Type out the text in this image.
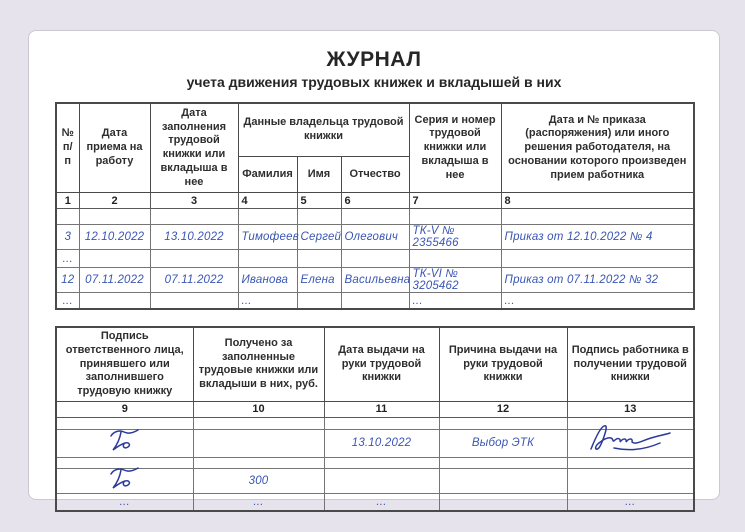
ЖУРНАЛ
учета движения трудовых книжек и вкладышей в них
№ п/п	Дата приема на работу	Дата заполнения трудовой книжки или вкладыша в нее	Данные владельца трудовой книжки			Серия и номер трудовой книжки или вкладыша в нее	Дата и № приказа (распоряжения) или иного решения работодателя, на основании которого произведен прием работника
			Фамилия	Имя	Отчество		
1	2	3	4	5	6	7	8

3	12.10.2022	13.10.2022	Тимофеев	Сергей	Олегович	ТК-V № 2355466	Приказ от 12.10.2022 № 4
...							
12	07.11.2022	07.11.2022	Иванова	Елена	Васильевна	ТК-VI № 3205462	Приказ от 07.11.2022 № 32
...			...			...	...
Подпись ответственного лица, принявшего или заполнившего трудовую книжку	Получено за заполненные трудовые книжки или вкладыши в них, руб.	Дата выдачи на руки трудовой книжки	Причина выдачи на руки трудовой книжки	Подпись работника в получении трудовой книжки
9	10	11	12	13

		13.10.2022	Выбор ЭТК	

	300			
...	...	...		...
